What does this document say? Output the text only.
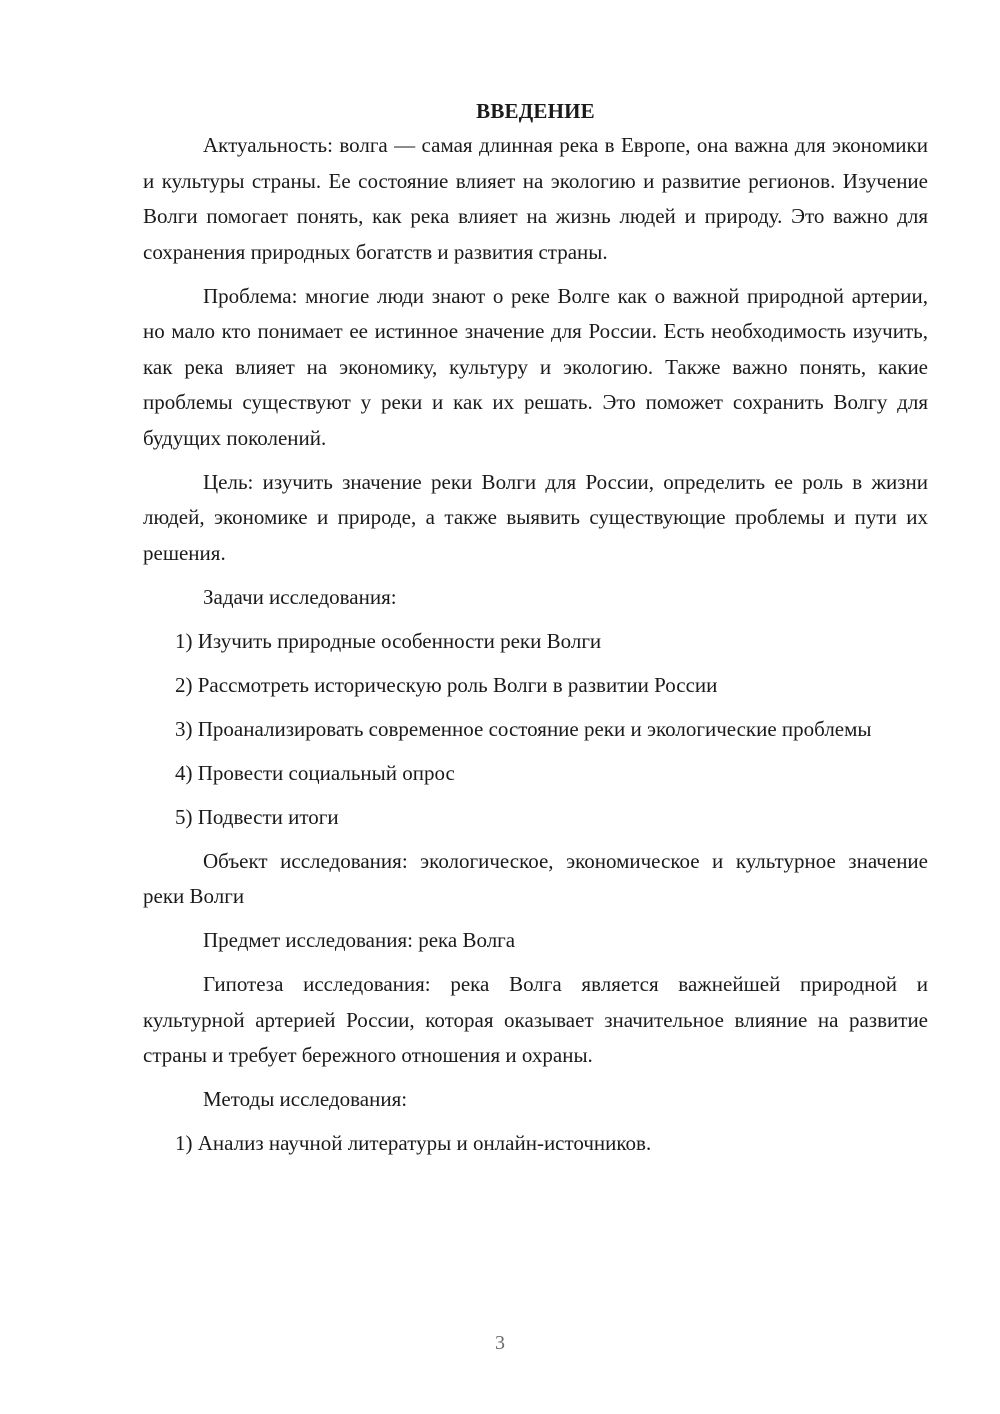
ВВЕДЕНИЕ

Актуальность: волга — самая длинная река в Европе, она важна для экономики и культуры страны. Ее состояние влияет на экологию и развитие регионов. Изучение Волги помогает понять, как река влияет на жизнь людей и природу. Это важно для сохранения природных богатств и развития страны.

Проблема: многие люди знают о реке Волге как о важной природной артерии, но мало кто понимает ее истинное значение для России. Есть необходимость изучить, как река влияет на экономику, культуру и экологию. Также важно понять, какие проблемы существуют у реки и как их решать. Это поможет сохранить Волгу для будущих поколений.

Цель: изучить значение реки Волги для России, определить ее роль в жизни людей, экономике и природе, а также выявить существующие проблемы и пути их решения.

Задачи исследования:

1) Изучить природные особенности реки Волги

2) Рассмотреть историческую роль Волги в развитии России

3) Проанализировать современное состояние реки и экологические проблемы

4) Провести социальный опрос

5) Подвести итоги

Объект исследования: экологическое, экономическое и культурное значение реки Волги

Предмет исследования: река Волга

Гипотеза исследования: река Волга является важнейшей природной и культурной артерией России, которая оказывает значительное влияние на развитие страны и требует бережного отношения и охраны.

Методы исследования:

1) Анализ научной литературы и онлайн-источников.

3
